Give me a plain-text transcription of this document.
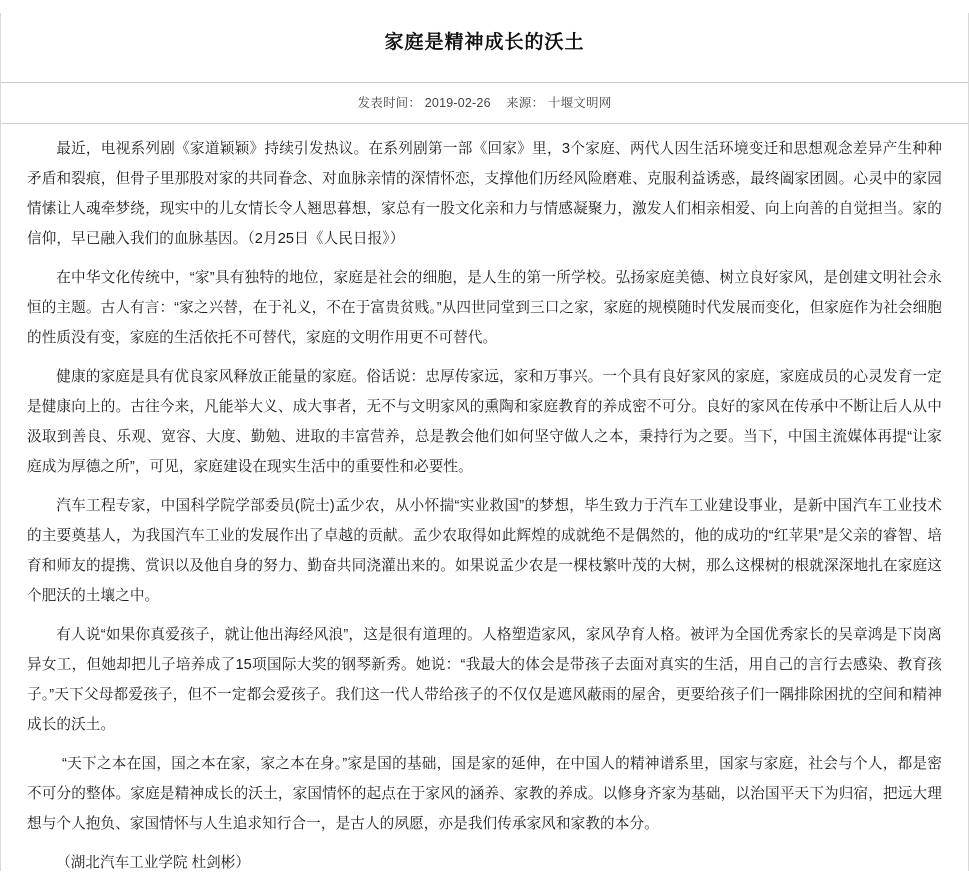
家庭是精神成长的沃土
发表时间： 2019-02-26 来源： 十堰文明网

最近，电视系列剧《家道颖颖》持续引发热议。在系列剧第一部《回家》里，3个家庭、两代人因生活环境变迁和思想观念差异产生种种矛盾和裂痕，但骨子里那股对家的共同眷念、对血脉亲情的深情怀恋，支撑他们历经风险磨难、克服利益诱惑，最终阖家团圆。心灵中的家园情愫让人魂牵梦绕，现实中的儿女情长令人翘思暮想，家总有一股文化亲和力与情感凝聚力，激发人们相亲相爱、向上向善的自觉担当。家的信仰，早已融入我们的血脉基因。（2月25日《人民日报》）

在中华文化传统中，“家”具有独特的地位，家庭是社会的细胞，是人生的第一所学校。弘扬家庭美德、树立良好家风，是创建文明社会永恒的主题。古人有言：“家之兴替，在于礼义，不在于富贵贫贱。”从四世同堂到三口之家，家庭的规模随时代发展而变化，但家庭作为社会细胞的性质没有变，家庭的生活依托不可替代，家庭的文明作用更不可替代。

健康的家庭是具有优良家风释放正能量的家庭。俗话说：忠厚传家远，家和万事兴。一个具有良好家风的家庭，家庭成员的心灵发育一定是健康向上的。古往今来，凡能举大义、成大事者，无不与文明家风的熏陶和家庭教育的养成密不可分。良好的家风在传承中不断让后人从中汲取到善良、乐观、宽容、大度、勤勉、进取的丰富营养，总是教会他们如何坚守做人之本，秉持行为之要。当下，中国主流媒体再提“让家庭成为厚德之所”，可见，家庭建设在现实生活中的重要性和必要性。

汽车工程专家，中国科学院学部委员(院士)孟少农，从小怀揣“实业救国”的梦想，毕生致力于汽车工业建设事业，是新中国汽车工业技术的主要奠基人，为我国汽车工业的发展作出了卓越的贡献。孟少农取得如此辉煌的成就绝不是偶然的，他的成功的“红苹果”是父亲的睿智、培育和师友的提携、赏识以及他自身的努力、勤奋共同浇灌出来的。如果说孟少农是一棵枝繁叶茂的大树，那么这棵树的根就深深地扎在家庭这个肥沃的土壤之中。

有人说“如果你真爱孩子，就让他出海经风浪”，这是很有道理的。人格塑造家风，家风孕育人格。被评为全国优秀家长的吴章鸿是下岗离异女工，但她却把儿子培养成了15项国际大奖的钢琴新秀。她说：“我最大的体会是带孩子去面对真实的生活，用自己的言行去感染、教育孩子。”天下父母都爱孩子，但不一定都会爱孩子。我们这一代人带给孩子的不仅仅是遮风蔽雨的屋舍，更要给孩子们一隅排除困扰的空间和精神成长的沃土。

“天下之本在国，国之本在家，家之本在身。”家是国的基础，国是家的延伸，在中国人的精神谱系里，国家与家庭，社会与个人，都是密不可分的整体。家庭是精神成长的沃土，家国情怀的起点在于家风的涵养、家教的养成。以修身齐家为基础，以治国平天下为归宿，把远大理想与个人抱负、家国情怀与人生追求知行合一，是古人的夙愿，亦是我们传承家风和家教的本分。

（湖北汽车工业学院 杜剑彬）
